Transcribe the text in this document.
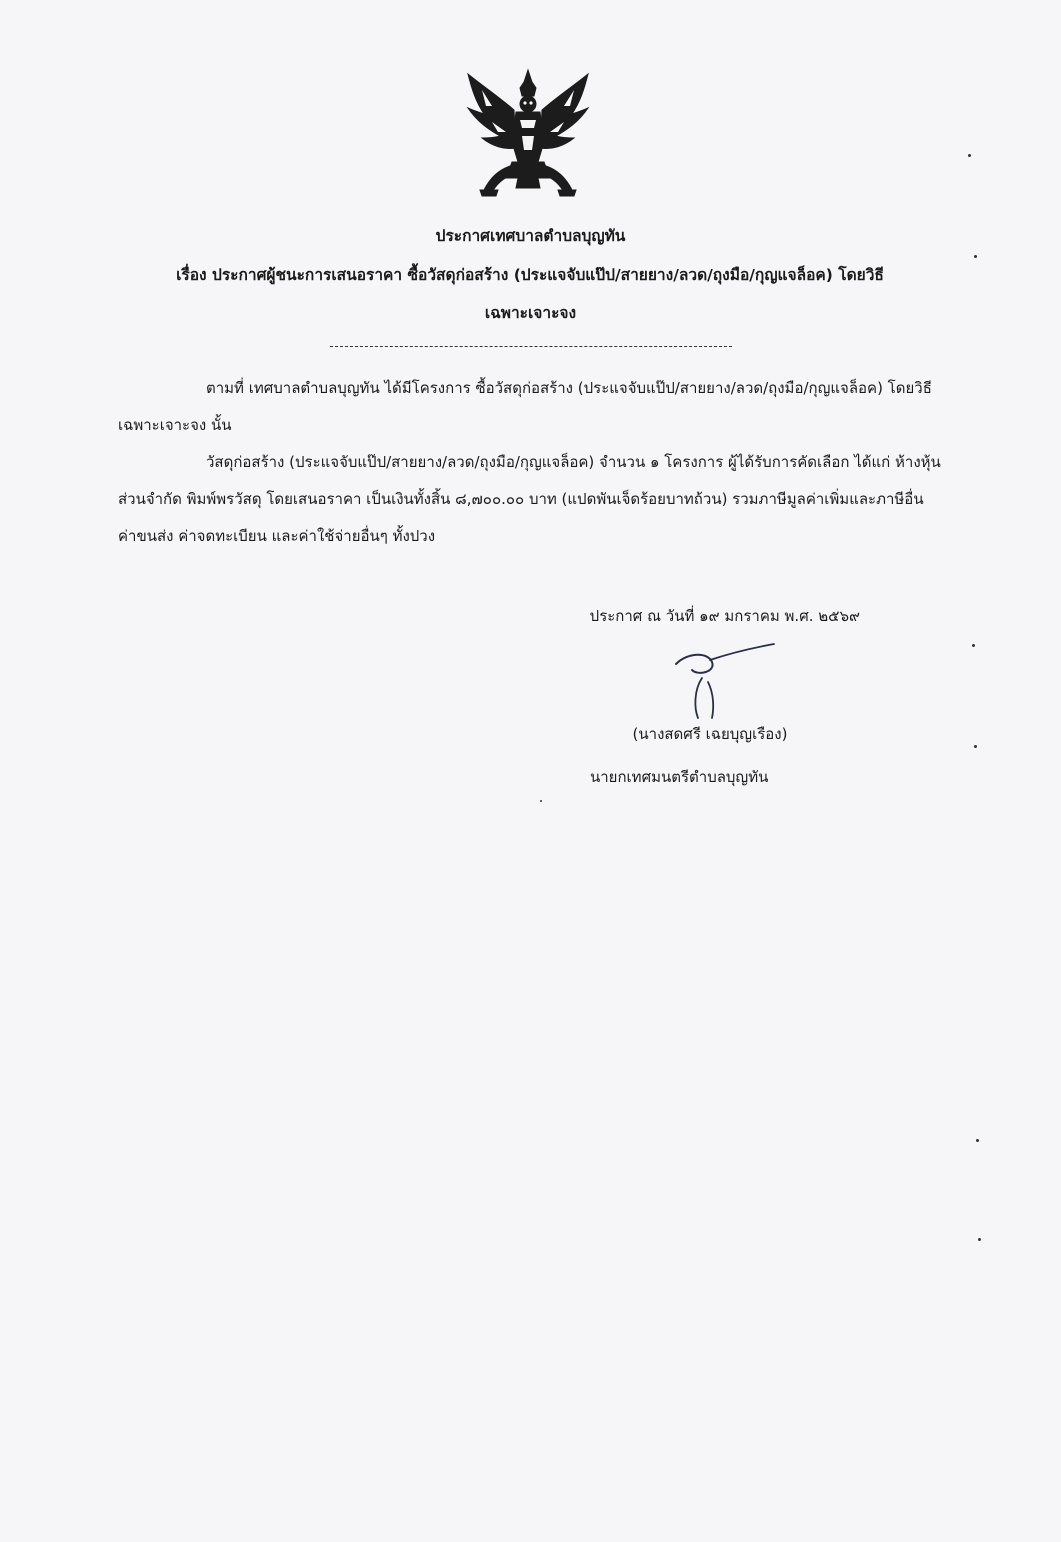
ประกาศเทศบาลตำบลบุญทัน
เรื่อง ประกาศผู้ชนะการเสนอราคา ซื้อวัสดุก่อสร้าง (ประแจจับแป๊ป/สายยาง/ลวด/ถุงมือ/กุญแจล็อค) โดยวิธี
เฉพาะเจาะจง
ตามที่ เทศบาลตำบลบุญทัน ได้มีโครงการ ซื้อวัสดุก่อสร้าง (ประแจจับแป๊ป/สายยาง/ลวด/ถุงมือ/กุญแจล็อค) โดยวิธีเฉพาะเจาะจง นั้น
วัสดุก่อสร้าง (ประแจจับแป๊ป/สายยาง/ลวด/ถุงมือ/กุญแจล็อค) จำนวน ๑ โครงการ ผู้ได้รับการคัดเลือก ได้แก่ ห้างหุ้นส่วนจำกัด พิมพ์พรวัสดุ โดยเสนอราคา เป็นเงินทั้งสิ้น ๘,๗๐๐.๐๐ บาท (แปดพันเจ็ดร้อยบาทถ้วน) รวมภาษีมูลค่าเพิ่มและภาษีอื่น ค่าขนส่ง ค่าจดทะเบียน และค่าใช้จ่ายอื่นๆ ทั้งปวง
ประกาศ ณ วันที่ ๑๙ มกราคม พ.ศ. ๒๕๖๙
(นางสดศรี เฉยบุญเรือง)
นายกเทศมนตรีตำบลบุญทัน
